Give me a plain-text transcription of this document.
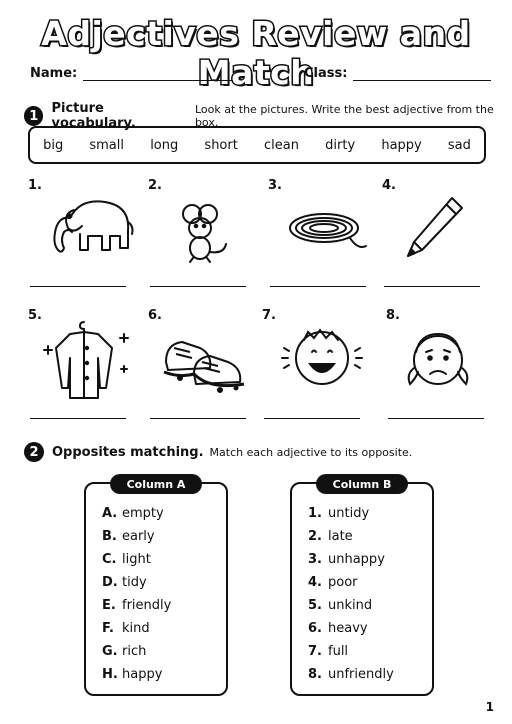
Adjectives Review and Match
Name:	Class:
1	Picture vocabulary.
Look at the pictures. Write the best adjective from the box.
big small long short clean dirty happy sad
1.	2.	3.	4.
5.	6.	7.	8.
2	Opposites matching. Match each adjective to its opposite.
Column A
A. empty
B. early
C. light
D. tidy
E. friendly
F. kind
G. rich
H. happy
Column B
1. untidy
2. late
3. unhappy
4. poor
5. unkind
6. heavy
7. full
8. unfriendly
1
